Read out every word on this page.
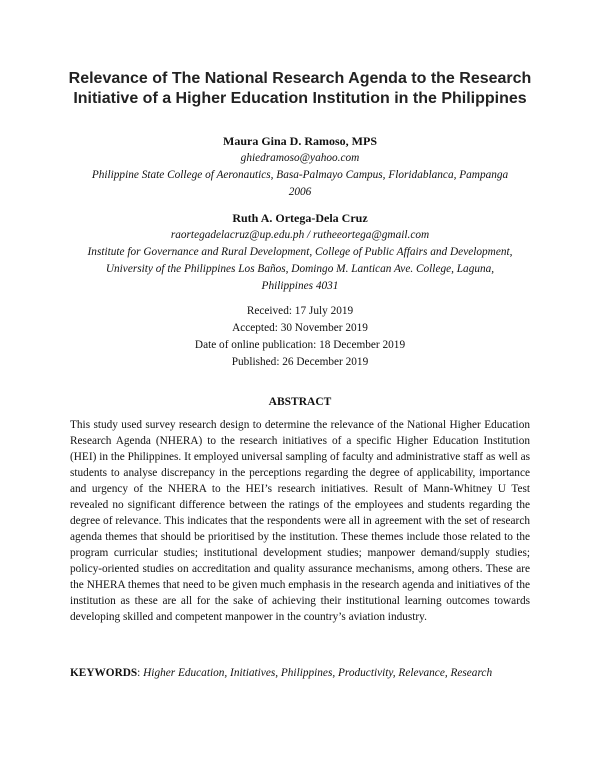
Relevance of The National Research Agenda to the Research Initiative of a Higher Education Institution in the Philippines
Maura Gina D. Ramoso, MPS
ghiedramoso@yahoo.com
Philippine State College of Aeronautics, Basa-Palmayo Campus, Floridablanca, Pampanga
2006
Ruth A. Ortega-Dela Cruz
raortegadelacruz@up.edu.ph / rutheeortega@gmail.com
Institute for Governance and Rural Development, College of Public Affairs and Development,
University of the Philippines Los Baños, Domingo M. Lantican Ave. College, Laguna,
Philippines 4031
Received: 17 July 2019
Accepted: 30 November 2019
Date of online publication: 18 December 2019
Published: 26 December 2019
ABSTRACT

This study used survey research design to determine the relevance of the National Higher Education Research Agenda (NHERA) to the research initiatives of a specific Higher Education Institution (HEI) in the Philippines. It employed universal sampling of faculty and administrative staff as well as students to analyse discrepancy in the perceptions regarding the degree of applicability, importance and urgency of the NHERA to the HEI’s research initiatives. Result of Mann-Whitney U Test revealed no significant difference between the ratings of the employees and students regarding the degree of relevance. This indicates that the respondents were all in agreement with the set of research agenda themes that should be prioritised by the institution. These themes include those related to the program curricular studies; institutional development studies; manpower demand/supply studies; policy-oriented studies on accreditation and quality assurance mechanisms, among others. These are the NHERA themes that need to be given much emphasis in the research agenda and initiatives of the institution as these are all for the sake of achieving their institutional learning outcomes towards developing skilled and competent manpower in the country’s aviation industry.

KEYWORDS: Higher Education, Initiatives, Philippines, Productivity, Relevance, Research
